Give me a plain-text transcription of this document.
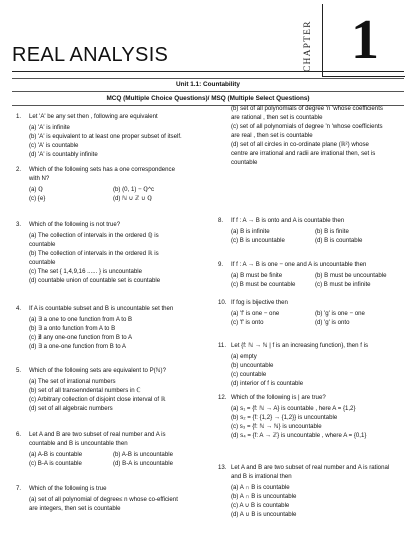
REAL ANALYSIS	CHAPTER 1
Unit 1.1: Countability
MCQ (Multiple Choice Questions)/ MSQ (Multiple Select Questions)
1. Let 'A' be any set then , following are equivalent
(a) 'A' is infinite
(b) 'A' is equivalent to at least one proper subset of itself.
(c) 'A' is countable
(d) 'A' is countably infinite
2. Which of the following sets has a one correspondence
with N?
(a) ℚ	(b) (0, 1) − ℚ^c
(c) {e}	(d) ℕ ∪ ℤ ∪ ℚ
3. Which of the following is not true?
(a) The collection of intervals in the ordered ℚ is
countable
(b) The collection of intervals in the ordered ℝ is
countable
(c) The set { 1,4,9,16 ...... } is uncountable
(d) countable union of countable set is countable
4. If A is countable subset and B is uncountable set then
(a) ∃ a one to one function from A to B
(b) ∃ a onto function from A to B
(c) ∄ any one-one function from B to A
(d) ∃ a one-one function from B to A
5. Which of the following sets are equivalent to P(ℕ)?
(a) The set of irrational numbers
(b) set of all transenndental numbers in ℂ
(c) Arbitrary collection of disjoint close interval of ℝ
(d) set of all algebraic numbers
6. Let A and B are two subset of real number and A is
countable and B is uncountable then
(a) A-B is countable	(b) A-B is uncountable
(c) B-A is countable	(d) B-A is uncountable
7. Which of the following is true
(a) set of all polynomial of degree≤ n whose co-efficient
are integers, then set is countable
(b) set of all polynomials of degree 'n 'whose coefficients
are rational , then set is countable
(c) set of all polynomials of degree 'n 'whose coefficients
are real , then set is countable
(d) set of all circles in co-ordinate plane (ℝ²) whose
centre are irrational and radii are irrational then, set is
countable
8. If f : A → B is onto and A is countable then
(a) B is infinite	(b) B is finite
(c) B is uncountable	(d) B is countable
9. If f : A → B is one − one and A is uncountable then
(a) B must be finite	(b) B must be uncountable
(c) B must be countable	(c) B must be infinite
10. If fog is bijective then
(a) 'f' is one − one	(b) 'g' is one − one
(c) 'f' is onto	(d) 'g' is onto
11. Let {f: ℕ → ℕ | f is an increasing function}, then f is
(a) empty
(b) uncountable
(c) countable
(d) interior of f is countable
12. Which of the following is | are true?
(a) s₁ = {f: ℕ → A} is countable , here A = {1,2}
(b) s₂ = {f: {1,2} → {1,2}} is uncountable
(c) s₃ = {f: ℕ → ℕ} is uncountable
(d) s₄ = {f: A → ℤ} is uncountable , where A = {0,1}
13. Let A and B are two subset of real number and A is rational
and B is irrational then
(a) A ∩ B is countable
(b) A ∩ B is uncountable
(c) A ∪ B is countable
(d) A ∪ B is uncountable
